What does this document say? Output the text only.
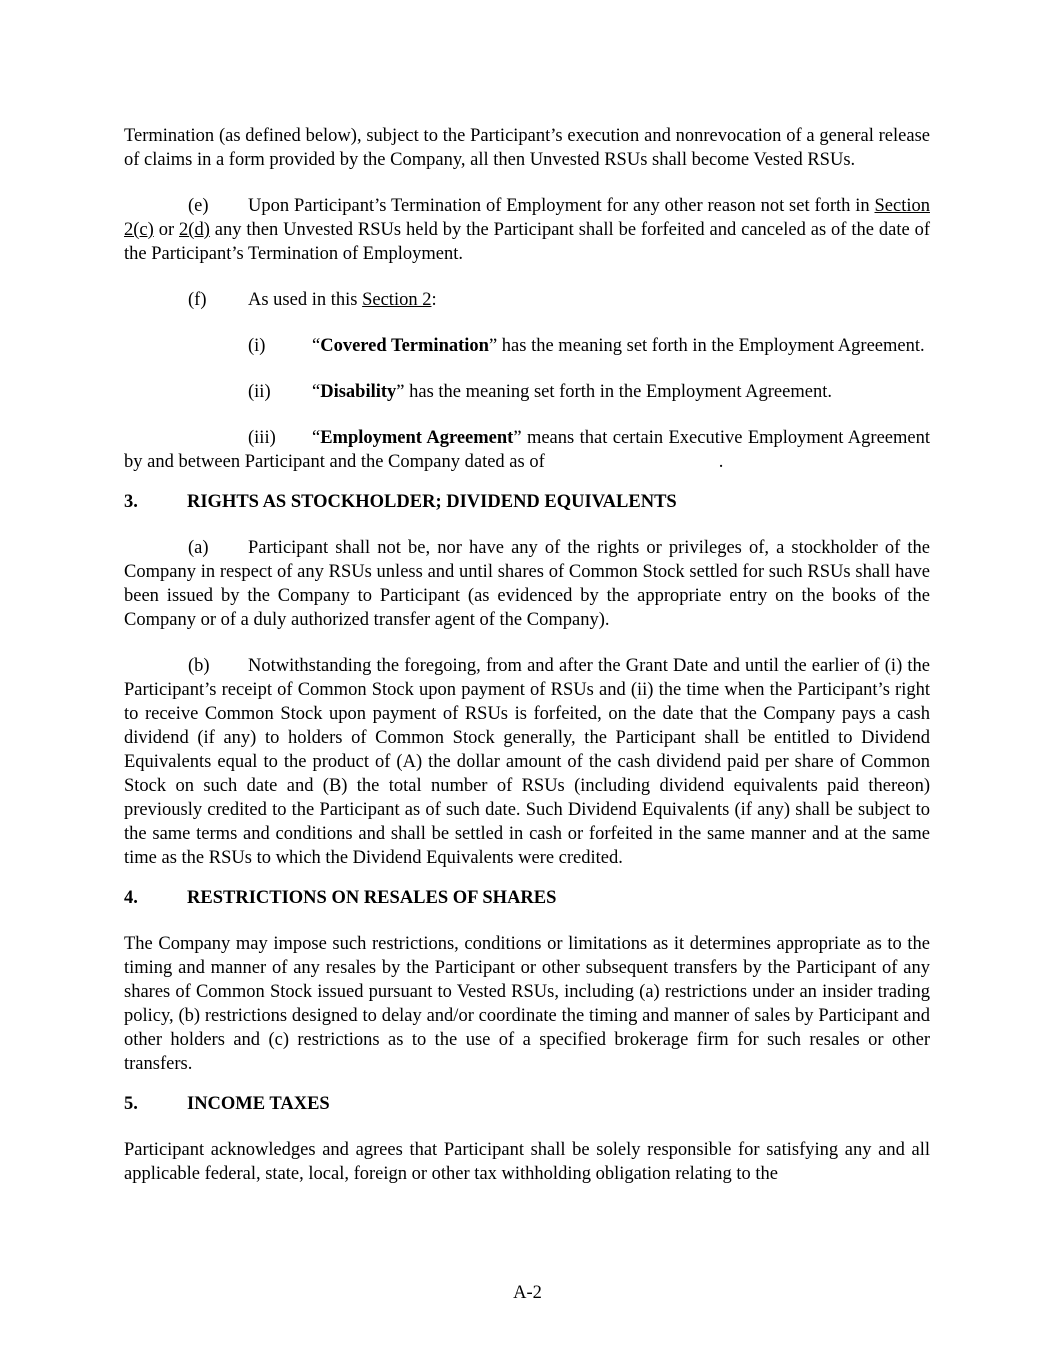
Termination (as defined below), subject to the Participant’s execution and nonrevocation of a general release of claims in a form provided by the Company, all then Unvested RSUs shall become Vested RSUs.

(e) Upon Participant’s Termination of Employment for any other reason not set forth in Section 2(c) or 2(d) any then Unvested RSUs held by the Participant shall be forfeited and canceled as of the date of the Participant’s Termination of Employment.

(f) As used in this Section 2:

(i)	“Covered Termination” has the meaning set forth in the Employment Agreement.

(ii) “Disability” has the meaning set forth in the Employment Agreement.

(iii) “Employment Agreement” means that certain Executive Employment Agreement by and between Participant and the Company dated as of	.

3.	RIGHTS AS STOCKHOLDER; DIVIDEND EQUIVALENTS

(a) Participant shall not be, nor have any of the rights or privileges of, a stockholder of the Company in respect of any RSUs unless and until shares of Common Stock settled for such RSUs shall have been issued by the Company to Participant (as evidenced by the appropriate entry on the books of the Company or of a duly authorized transfer agent of the Company).

(b) Notwithstanding the foregoing, from and after the Grant Date and until the earlier of (i) the Participant’s receipt of Common Stock upon payment of RSUs and (ii) the time when the Participant’s right to receive Common Stock upon payment of RSUs is forfeited, on the date that the Company pays a cash dividend (if any) to holders of Common Stock generally, the Participant shall be entitled to Dividend Equivalents equal to the product of (A) the dollar amount of the cash dividend paid per share of Common Stock on such date and (B) the total number of RSUs (including dividend equivalents paid thereon) previously credited to the Participant as of such date. Such Dividend Equivalents (if any) shall be subject to the same terms and conditions and shall be settled in cash or forfeited in the same manner and at the same time as the RSUs to which the Dividend Equivalents were credited.

4.	RESTRICTIONS ON RESALES OF SHARES

The Company may impose such restrictions, conditions or limitations as it determines appropriate as to the timing and manner of any resales by the Participant or other subsequent transfers by the Participant of any shares of Common Stock issued pursuant to Vested RSUs, including (a) restrictions under an insider trading policy, (b) restrictions designed to delay and/or coordinate the timing and manner of sales by Participant and other holders and (c) restrictions as to the use of a specified brokerage firm for such resales or other transfers.

5.	INCOME TAXES

Participant acknowledges and agrees that Participant shall be solely responsible for satisfying any and all applicable federal, state, local, foreign or other tax withholding obligation relating to the

A-2
